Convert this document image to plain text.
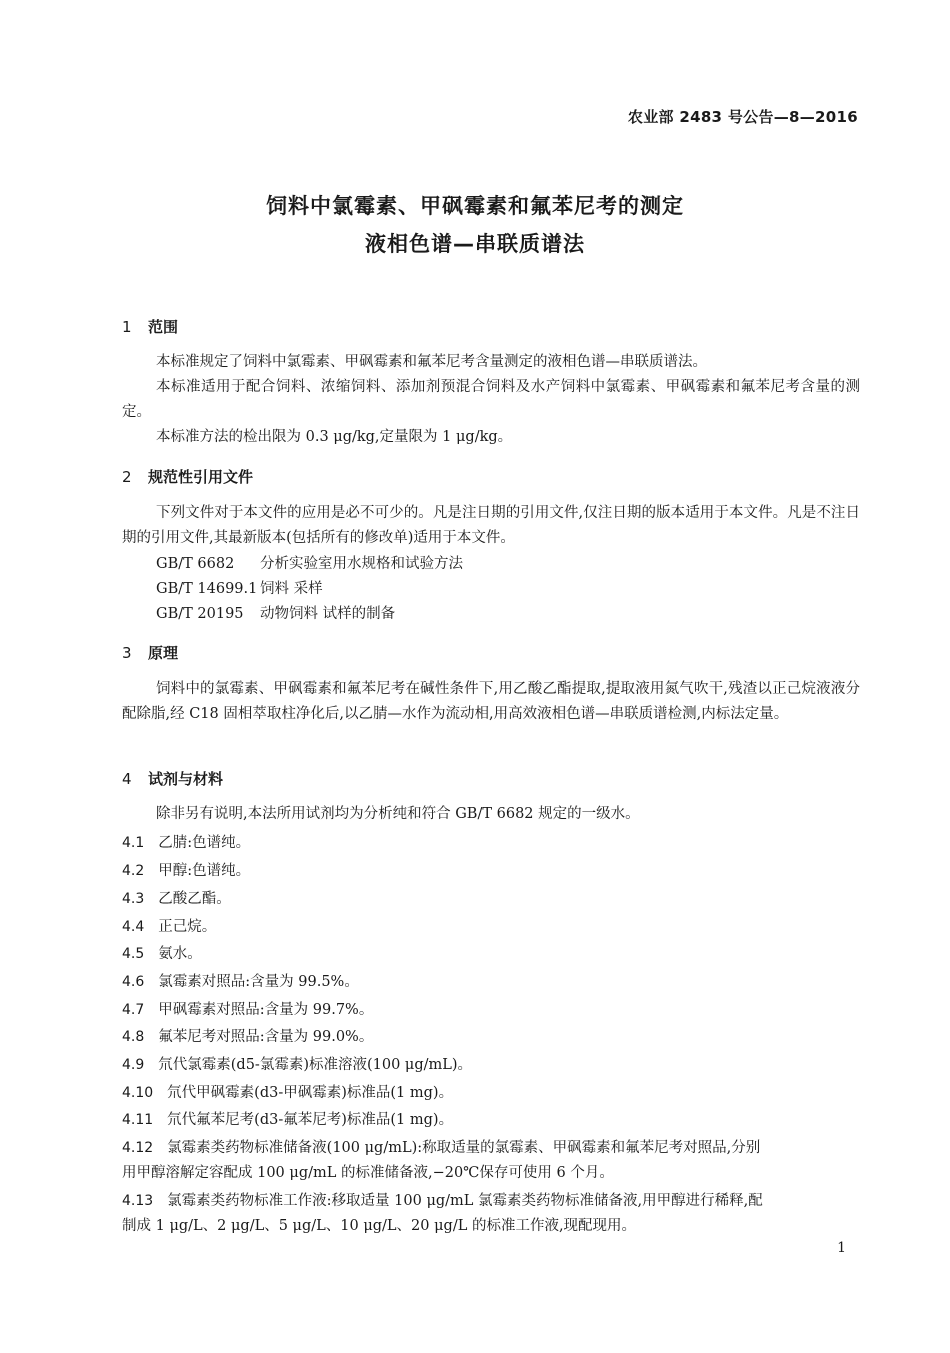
农业部 2483 号公告—8—2016
饲料中氯霉素、甲砜霉素和氟苯尼考的测定
液相色谱—串联质谱法
1 范围
本标准规定了饲料中氯霉素、甲砜霉素和氟苯尼考含量测定的液相色谱—串联质谱法。
本标准适用于配合饲料、浓缩饲料、添加剂预混合饲料及水产饲料中氯霉素、甲砜霉素和氟苯尼考含量的测定。
本标准方法的检出限为 0.3 μg/kg,定量限为 1 μg/kg。
2 规范性引用文件
下列文件对于本文件的应用是必不可少的。凡是注日期的引用文件,仅注日期的版本适用于本文件。凡是不注日期的引用文件,其最新版本(包括所有的修改单)适用于本文件。
GB/T 6682 分析实验室用水规格和试验方法
GB/T 14699.1 饲料 采样
GB/T 20195 动物饲料 试样的制备
3 原理
饲料中的氯霉素、甲砜霉素和氟苯尼考在碱性条件下,用乙酸乙酯提取,提取液用氮气吹干,残渣以正己烷液液分配除脂,经 C18 固相萃取柱净化后,以乙腈—水作为流动相,用高效液相色谱—串联质谱检测,内标法定量。
4 试剂与材料
除非另有说明,本法所用试剂均为分析纯和符合 GB/T 6682 规定的一级水。
4.1 乙腈:色谱纯。
4.2 甲醇:色谱纯。
4.3 乙酸乙酯。
4.4 正己烷。
4.5 氨水。
4.6 氯霉素对照品:含量为 99.5%。
4.7 甲砜霉素对照品:含量为 99.7%。
4.8 氟苯尼考对照品:含量为 99.0%。
4.9 氘代氯霉素(d5-氯霉素)标准溶液(100 μg/mL)。
4.10 氘代甲砜霉素(d3-甲砜霉素)标准品(1 mg)。
4.11 氘代氟苯尼考(d3-氟苯尼考)标准品(1 mg)。
4.12 氯霉素类药物标准储备液(100 μg/mL):称取适量的氯霉素、甲砜霉素和氟苯尼考对照品,分别
用甲醇溶解定容配成 100 μg/mL 的标准储备液,−20℃保存可使用 6 个月。
4.13 氯霉素类药物标准工作液:移取适量 100 μg/mL 氯霉素类药物标准储备液,用甲醇进行稀释,配
制成 1 μg/L、2 μg/L、5 μg/L、10 μg/L、20 μg/L 的标准工作液,现配现用。
1
